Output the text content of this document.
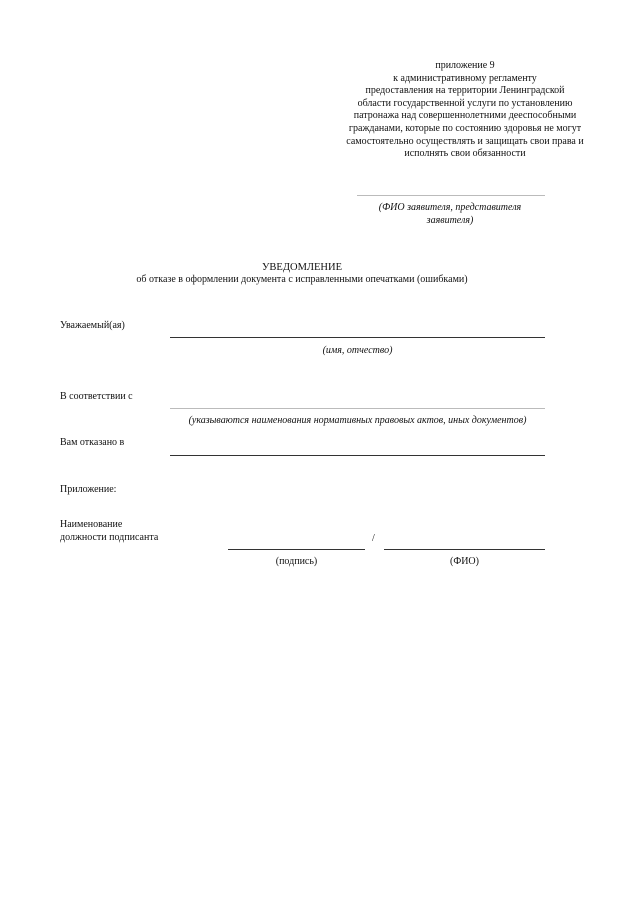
приложение 9
к административному регламенту
предоставления на территории Ленинградской
области государственной услуги по установлению
патронажа над совершеннолетними дееспособными
гражданами, которые по состоянию здоровья не могут
самостоятельно осуществлять и защищать свои права и
исполнять свои обязанности
(ФИО заявителя, представителя
заявителя)
УВЕДОМЛЕНИЕ
об отказе в оформлении документа с исправленными опечатками (ошибками)
Уважаемый(ая)
(имя, отчество)
В соответствии с
(указываются наименования нормативных правовых актов, иных документов)
Вам отказано в
Приложение:
Наименование
должности подписанта	/
(подпись)	(ФИО)
